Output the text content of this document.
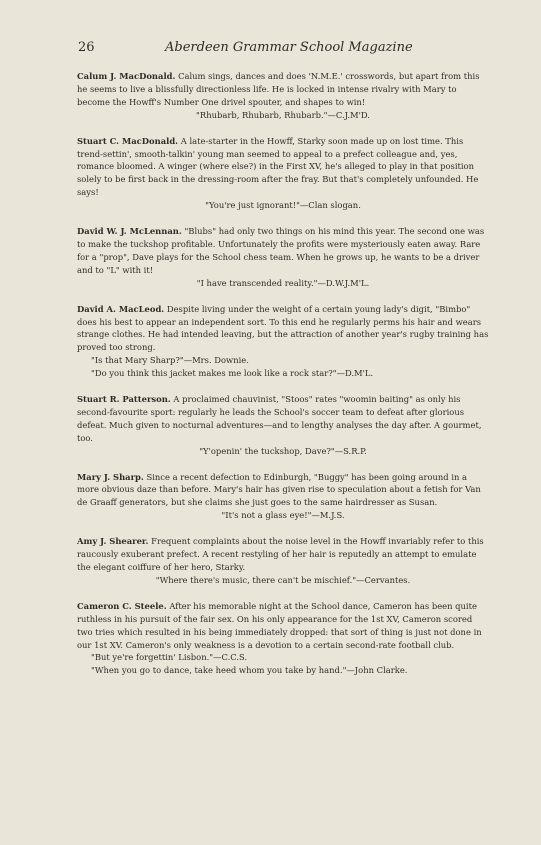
26	Aberdeen Grammar School Magazine

Calum J. MacDonald. Calum sings, dances and does 'N.M.E.' crosswords, but apart from this he seems to live a blissfully directionless life. He is locked in intense rivalry with Mary to become the Howff's Number One drivel spouter, and shapes to win!

"Rhubarb, Rhubarb, Rhubarb."—C.J.M'D.

Stuart C. MacDonald. A late-starter in the Howff, Starky soon made up on lost time. This trend-settin', smooth-talkin' young man seemed to appeal to a prefect colleague and, yes, romance bloomed. A winger (where else?) in the First XV, he's alleged to play in that position solely to be first back in the dressing-room after the fray. But that's completely unfounded. He says!

"You're just ignorant!"—Clan slogan.

David W. J. McLennan. "Blubs" had only two things on his mind this year. The second one was to make the tuckshop profitable. Unfortunately the profits were mysteriously eaten away. Rare for a "prop", Dave plays for the School chess team. When he grows up, he wants to be a driver and to "L" with it!

"I have transcended reality."—D.W.J.M'L.

David A. MacLeod. Despite living under the weight of a certain young lady's digit, "Bimbo" does his best to appear an independent sort. To this end he regularly perms his hair and wears strange clothes. He had intended leaving, but the attraction of another year's rugby training has proved too strong.

"Is that Mary Sharp?"—Mrs. Downie.

"Do you think this jacket makes me look like a rock star?"—D.M'L.

Stuart R. Patterson. A proclaimed chauvinist, "Stoos" rates "woomin baiting" as only his second-favourite sport: regularly he leads the School's soccer team to defeat after glorious defeat. Much given to nocturnal adventures—and to lengthy analyses the day after. A gourmet, too.

"Y'openin' the tuckshop, Dave?"—S.R.P.

Mary J. Sharp. Since a recent defection to Edinburgh, "Buggy" has been going around in a more obvious daze than before. Mary's hair has given rise to speculation about a fetish for Van de Graaff generators, but she claims she just goes to the same hairdresser as Susan.

"It's not a glass eye!"—M.J.S.

Amy J. Shearer. Frequent complaints about the noise level in the Howff invariably refer to this raucously exuberant prefect. A recent restyling of her hair is reputedly an attempt to emulate the elegant coiffure of her hero, Starky.

"Where there's music, there can't be mischief."—Cervantes.

Cameron C. Steele. After his memorable night at the School dance, Cameron has been quite ruthless in his pursuit of the fair sex. On his only appearance for the 1st XV, Cameron scored two tries which resulted in his being immediately dropped: that sort of thing is just not done in our 1st XV. Cameron's only weakness is a devotion to a certain second-rate football club.

"But ye're forgettin' Lisbon."—C.C.S.

"When you go to dance, take heed whom you take by hand."—John Clarke.
